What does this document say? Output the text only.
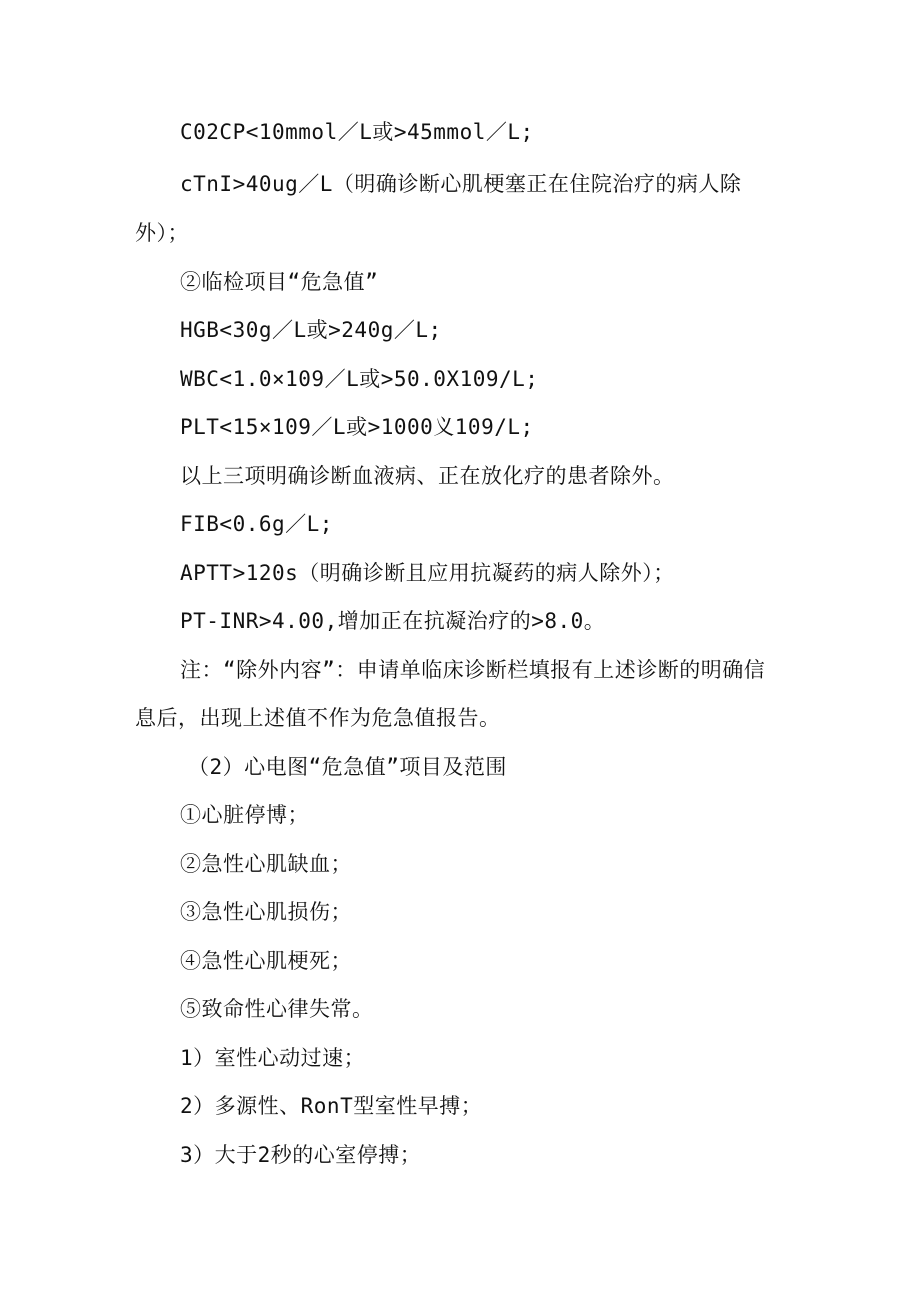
C02CP<10mmol／L或>45mmol／L;
cTnI>40ug／L（明确诊断心肌梗塞正在住院治疗的病人除
外）；
②临检项目“危急值”
HGB<30g／L或>240g／L;
WBC<1.0×109／L或>50.0X109/L;
PLT<15×109／L或>1000义109/L;
以上三项明确诊断血液病、正在放化疗的患者除外。
FIB<0.6g／L;
APTT>120s（明确诊断且应用抗凝药的病人除外）；
PT-INR>4.00,增加正在抗凝治疗的>8.0。
注：“除外内容”：申请单临床诊断栏填报有上述诊断的明确信
息后，出现上述值不作为危急值报告。
（2）心电图“危急值”项目及范围
①心脏停博；
②急性心肌缺血；
③急性心肌损伤；
④急性心肌梗死；
⑤致命性心律失常。
1）室性心动过速；
2）多源性、RonT型室性早搏；
3）大于2秒的心室停搏；
